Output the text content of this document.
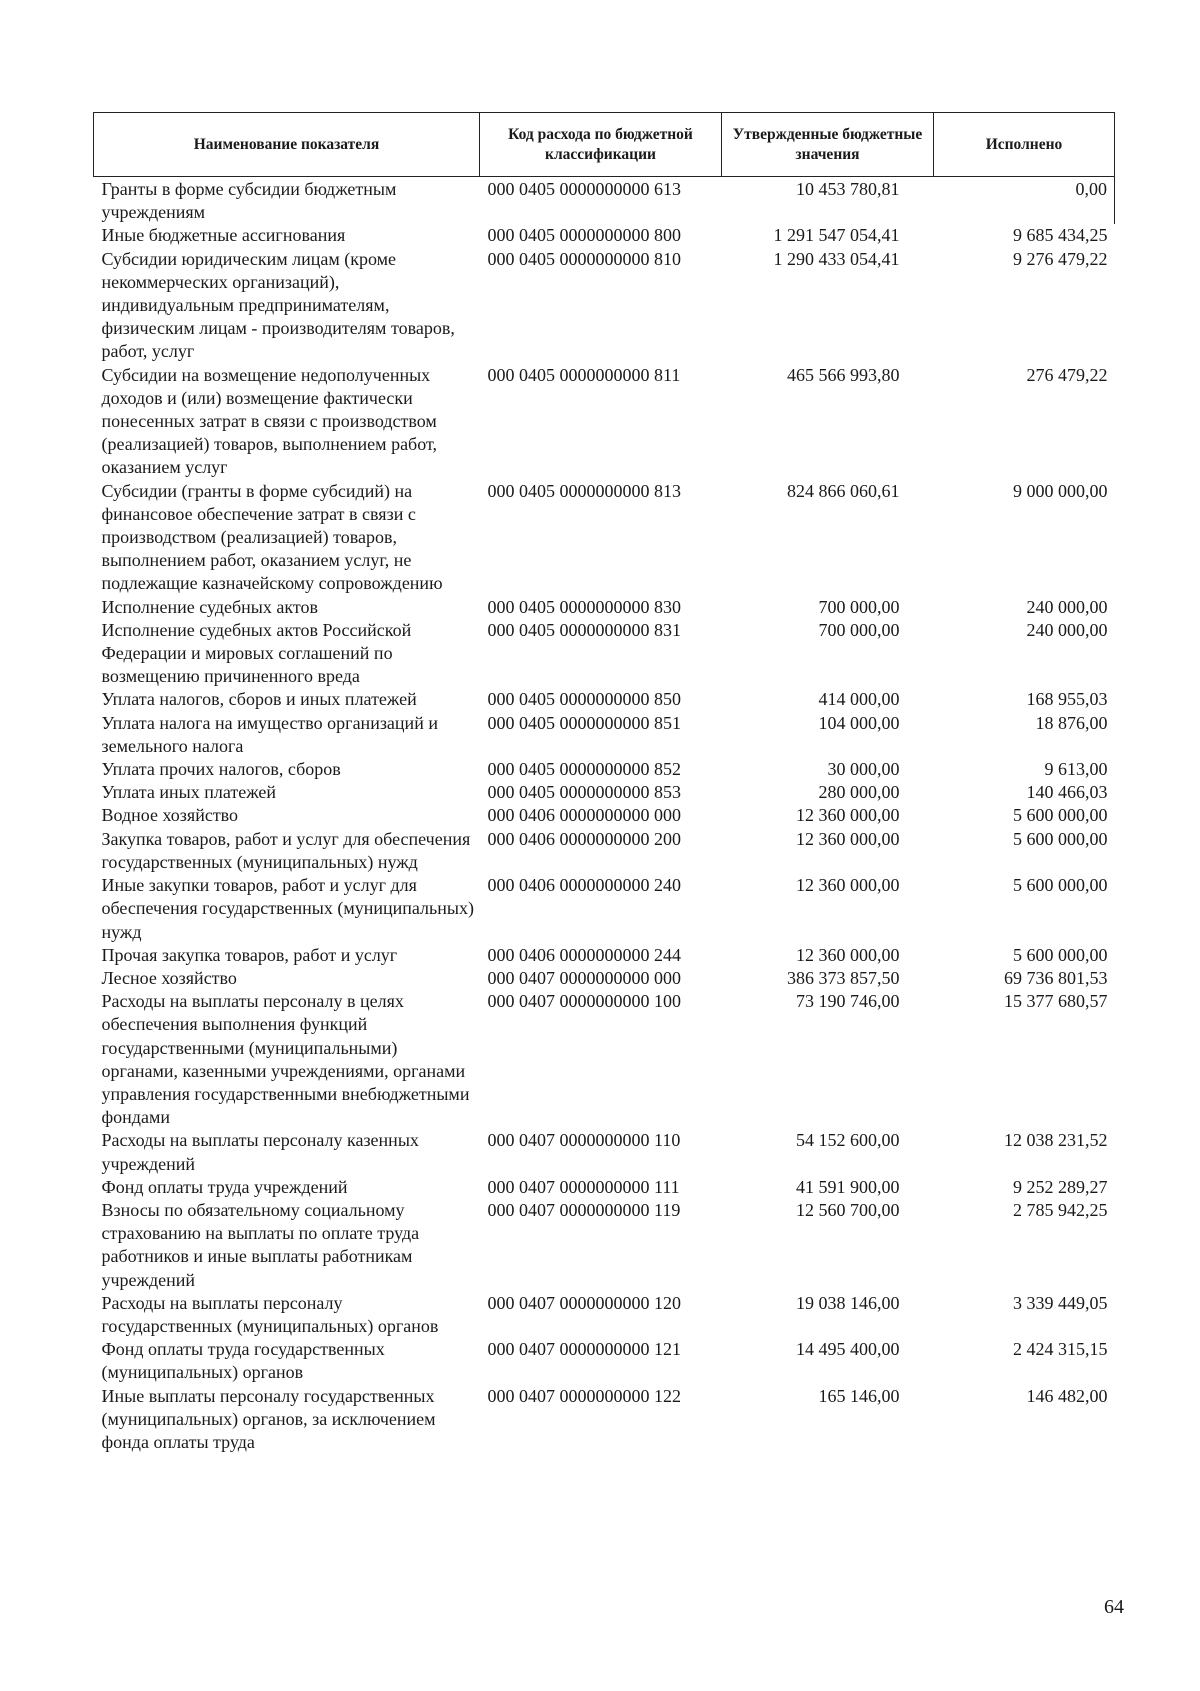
Наименование показателя	Код расхода по бюджетной классификации	Утвержденные бюджетные значения	Исполнено
Гранты в форме субсидии бюджетным учреждениям	000 0405 0000000000 613	10 453 780,81	0,00
Иные бюджетные ассигнования	000 0405 0000000000 800	1 291 547 054,41	9 685 434,25
Субсидии юридическим лицам (кроме некоммерческих организаций), индивидуальным предпринимателям, физическим лицам - производителям товаров, работ, услуг	000 0405 0000000000 810	1 290 433 054,41	9 276 479,22
Субсидии на возмещение недополученных доходов и (или) возмещение фактически понесенных затрат в связи с производством (реализацией) товаров, выполнением работ, оказанием услуг	000 0405 0000000000 811	465 566 993,80	276 479,22
Субсидии (гранты в форме субсидий) на финансовое обеспечение затрат в связи с производством (реализацией) товаров, выполнением работ, оказанием услуг, не подлежащие казначейскому сопровождению	000 0405 0000000000 813	824 866 060,61	9 000 000,00
Исполнение судебных актов	000 0405 0000000000 830	700 000,00	240 000,00
Исполнение судебных актов Российской Федерации и мировых соглашений по возмещению причиненного вреда	000 0405 0000000000 831	700 000,00	240 000,00
Уплата налогов, сборов и иных платежей	000 0405 0000000000 850	414 000,00	168 955,03
Уплата налога на имущество организаций и земельного налога	000 0405 0000000000 851	104 000,00	18 876,00
Уплата прочих налогов, сборов	000 0405 0000000000 852	30 000,00	9 613,00
Уплата иных платежей	000 0405 0000000000 853	280 000,00	140 466,03
Водное хозяйство	000 0406 0000000000 000	12 360 000,00	5 600 000,00
Закупка товаров, работ и услуг для обеспечения государственных (муниципальных) нужд	000 0406 0000000000 200	12 360 000,00	5 600 000,00
Иные закупки товаров, работ и услуг для обеспечения государственных (муниципальных) нужд	000 0406 0000000000 240	12 360 000,00	5 600 000,00
Прочая закупка товаров, работ и услуг	000 0406 0000000000 244	12 360 000,00	5 600 000,00
Лесное хозяйство	000 0407 0000000000 000	386 373 857,50	69 736 801,53
Расходы на выплаты персоналу в целях обеспечения выполнения функций государственными (муниципальными) органами, казенными учреждениями, органами управления государственными внебюджетными фондами	000 0407 0000000000 100	73 190 746,00	15 377 680,57
Расходы на выплаты персоналу казенных учреждений	000 0407 0000000000 110	54 152 600,00	12 038 231,52
Фонд оплаты труда учреждений	000 0407 0000000000 111	41 591 900,00	9 252 289,27
Взносы по обязательному социальному страхованию на выплаты по оплате труда работников и иные выплаты работникам учреждений	000 0407 0000000000 119	12 560 700,00	2 785 942,25
Расходы на выплаты персоналу государственных (муниципальных) органов	000 0407 0000000000 120	19 038 146,00	3 339 449,05
Фонд оплаты труда государственных (муниципальных) органов	000 0407 0000000000 121	14 495 400,00	2 424 315,15
Иные выплаты персоналу государственных (муниципальных) органов, за исключением фонда оплаты труда	000 0407 0000000000 122	165 146,00	146 482,00
64
